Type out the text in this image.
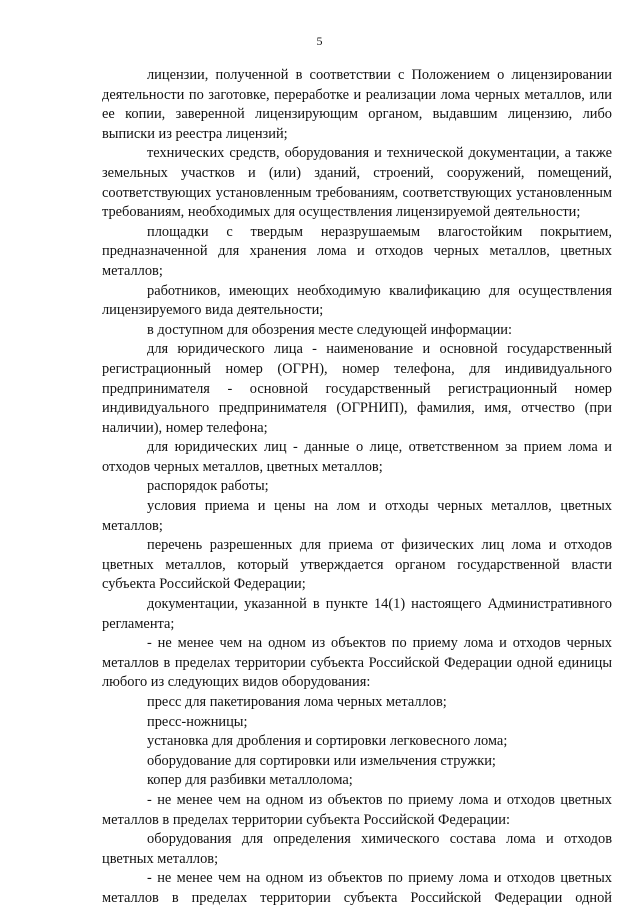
5

лицензии, полученной в соответствии с Положением о лицензировании деятельности по заготовке, переработке и реализации лома черных металлов, или ее копии, заверенной лицензирующим органом, выдавшим лицензию, либо выписки из реестра лицензий;

технических средств, оборудования и технической документации, а также земельных участков и (или) зданий, строений, сооружений, помещений, соответствующих установленным требованиям, соответствующих установленным требованиям, необходимых для осуществления лицензируемой деятельности;

площадки с твердым неразрушаемым влагостойким покрытием, предназначенной для хранения лома и отходов черных металлов, цветных металлов;

работников, имеющих необходимую квалификацию для осуществления лицензируемого вида деятельности;

в доступном для обозрения месте следующей информации:

для юридического лица - наименование и основной государственный регистрационный номер (ОГРН), номер телефона, для индивидуального предпринимателя - основной государственный регистрационный номер индивидуального предпринимателя (ОГРНИП), фамилия, имя, отчество (при наличии), номер телефона;

для юридических лиц - данные о лице, ответственном за прием лома и отходов черных металлов, цветных металлов;

распорядок работы;

условия приема и цены на лом и отходы черных металлов, цветных металлов;

перечень разрешенных для приема от физических лиц лома и отходов цветных металлов, который утверждается органом государственной власти субъекта Российской Федерации;

документации, указанной в пункте 14(1) настоящего Административного регламента;

- не менее чем на одном из объектов по приему лома и отходов черных металлов в пределах территории субъекта Российской Федерации одной единицы любого из следующих видов оборудования:

пресс для пакетирования лома черных металлов;

пресс-ножницы;

установка для дробления и сортировки легковесного лома;

оборудование для сортировки или измельчения стружки;

копер для разбивки металлолома;

- не менее чем на одном из объектов по приему лома и отходов цветных металлов в пределах территории субъекта Российской Федерации:

оборудования для определения химического состава лома и отходов цветных металлов;

- не менее чем на одном из объектов по приему лома и отходов цветных металлов в пределах территории субъекта Российской Федерации одной
